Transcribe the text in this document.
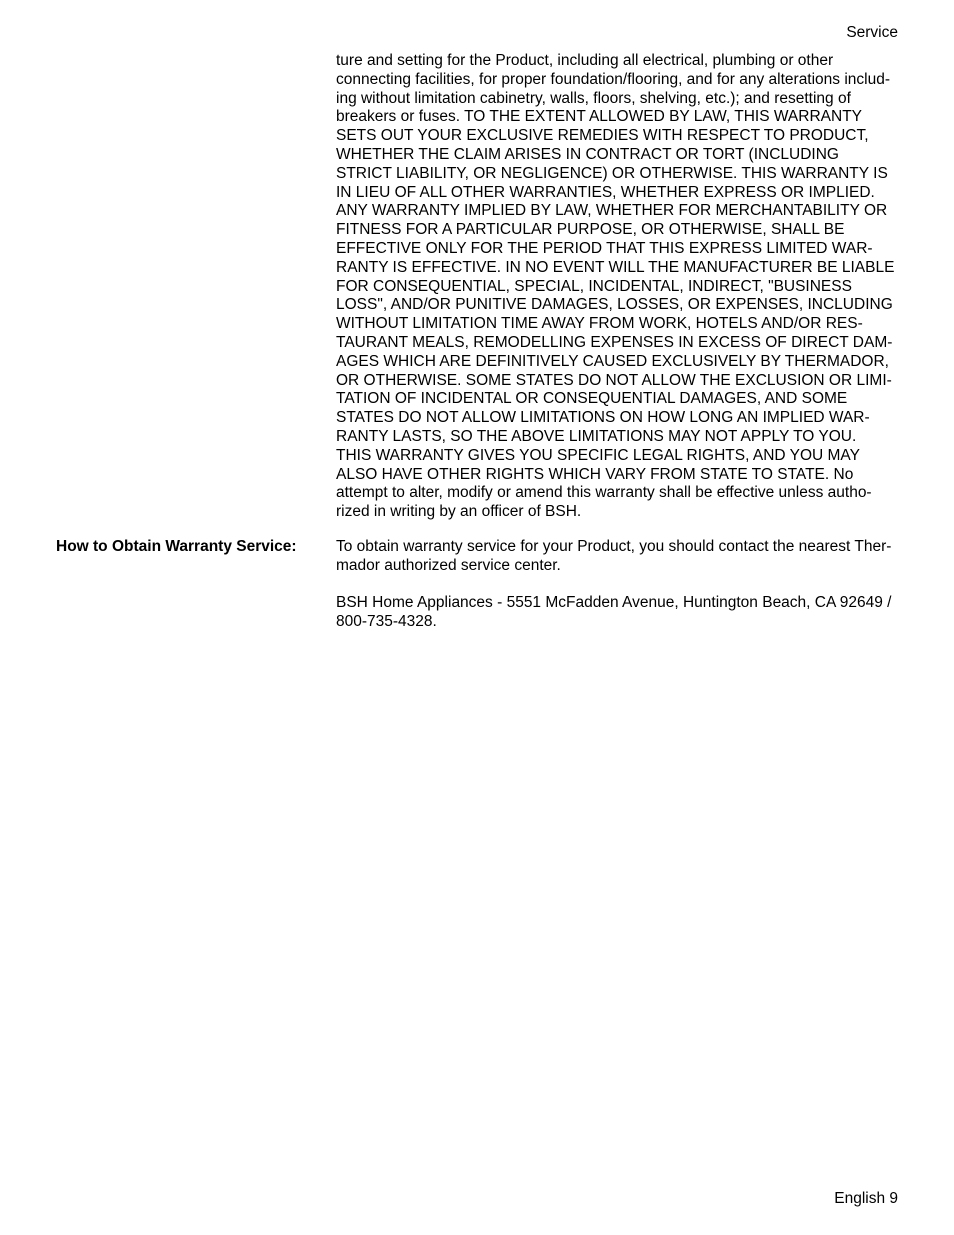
Service
ture and setting for the Product, including all electrical, plumbing or other
connecting facilities, for proper foundation/flooring, and for any alterations includ-
ing without limitation cabinetry, walls, floors, shelving, etc.); and resetting of
breakers or fuses. TO THE EXTENT ALLOWED BY LAW, THIS WARRANTY
SETS OUT YOUR EXCLUSIVE REMEDIES WITH RESPECT TO PRODUCT,
WHETHER THE CLAIM ARISES IN CONTRACT OR TORT (INCLUDING
STRICT LIABILITY, OR NEGLIGENCE) OR OTHERWISE. THIS WARRANTY IS
IN LIEU OF ALL OTHER WARRANTIES, WHETHER EXPRESS OR IMPLIED.
ANY WARRANTY IMPLIED BY LAW, WHETHER FOR MERCHANTABILITY OR
FITNESS FOR A PARTICULAR PURPOSE, OR OTHERWISE, SHALL BE
EFFECTIVE ONLY FOR THE PERIOD THAT THIS EXPRESS LIMITED WAR-
RANTY IS EFFECTIVE. IN NO EVENT WILL THE MANUFACTURER BE LIABLE
FOR CONSEQUENTIAL, SPECIAL, INCIDENTAL, INDIRECT, "BUSINESS
LOSS", AND/OR PUNITIVE DAMAGES, LOSSES, OR EXPENSES, INCLUDING
WITHOUT LIMITATION TIME AWAY FROM WORK, HOTELS AND/OR RES-
TAURANT MEALS, REMODELLING EXPENSES IN EXCESS OF DIRECT DAM-
AGES WHICH ARE DEFINITIVELY CAUSED EXCLUSIVELY BY THERMADOR,
OR OTHERWISE. SOME STATES DO NOT ALLOW THE EXCLUSION OR LIMI-
TATION OF INCIDENTAL OR CONSEQUENTIAL DAMAGES, AND SOME
STATES DO NOT ALLOW LIMITATIONS ON HOW LONG AN IMPLIED WAR-
RANTY LASTS, SO THE ABOVE LIMITATIONS MAY NOT APPLY TO YOU.
THIS WARRANTY GIVES YOU SPECIFIC LEGAL RIGHTS, AND YOU MAY
ALSO HAVE OTHER RIGHTS WHICH VARY FROM STATE TO STATE. No
attempt to alter, modify or amend this warranty shall be effective unless autho-
rized in writing by an officer of BSH.
How to Obtain Warranty Service:	To obtain warranty service for your Product, you should contact the nearest Ther-
mador authorized service center.

BSH Home Appliances - 5551 McFadden Avenue, Huntington Beach, CA 92649 /
800-735-4328.

English 9
